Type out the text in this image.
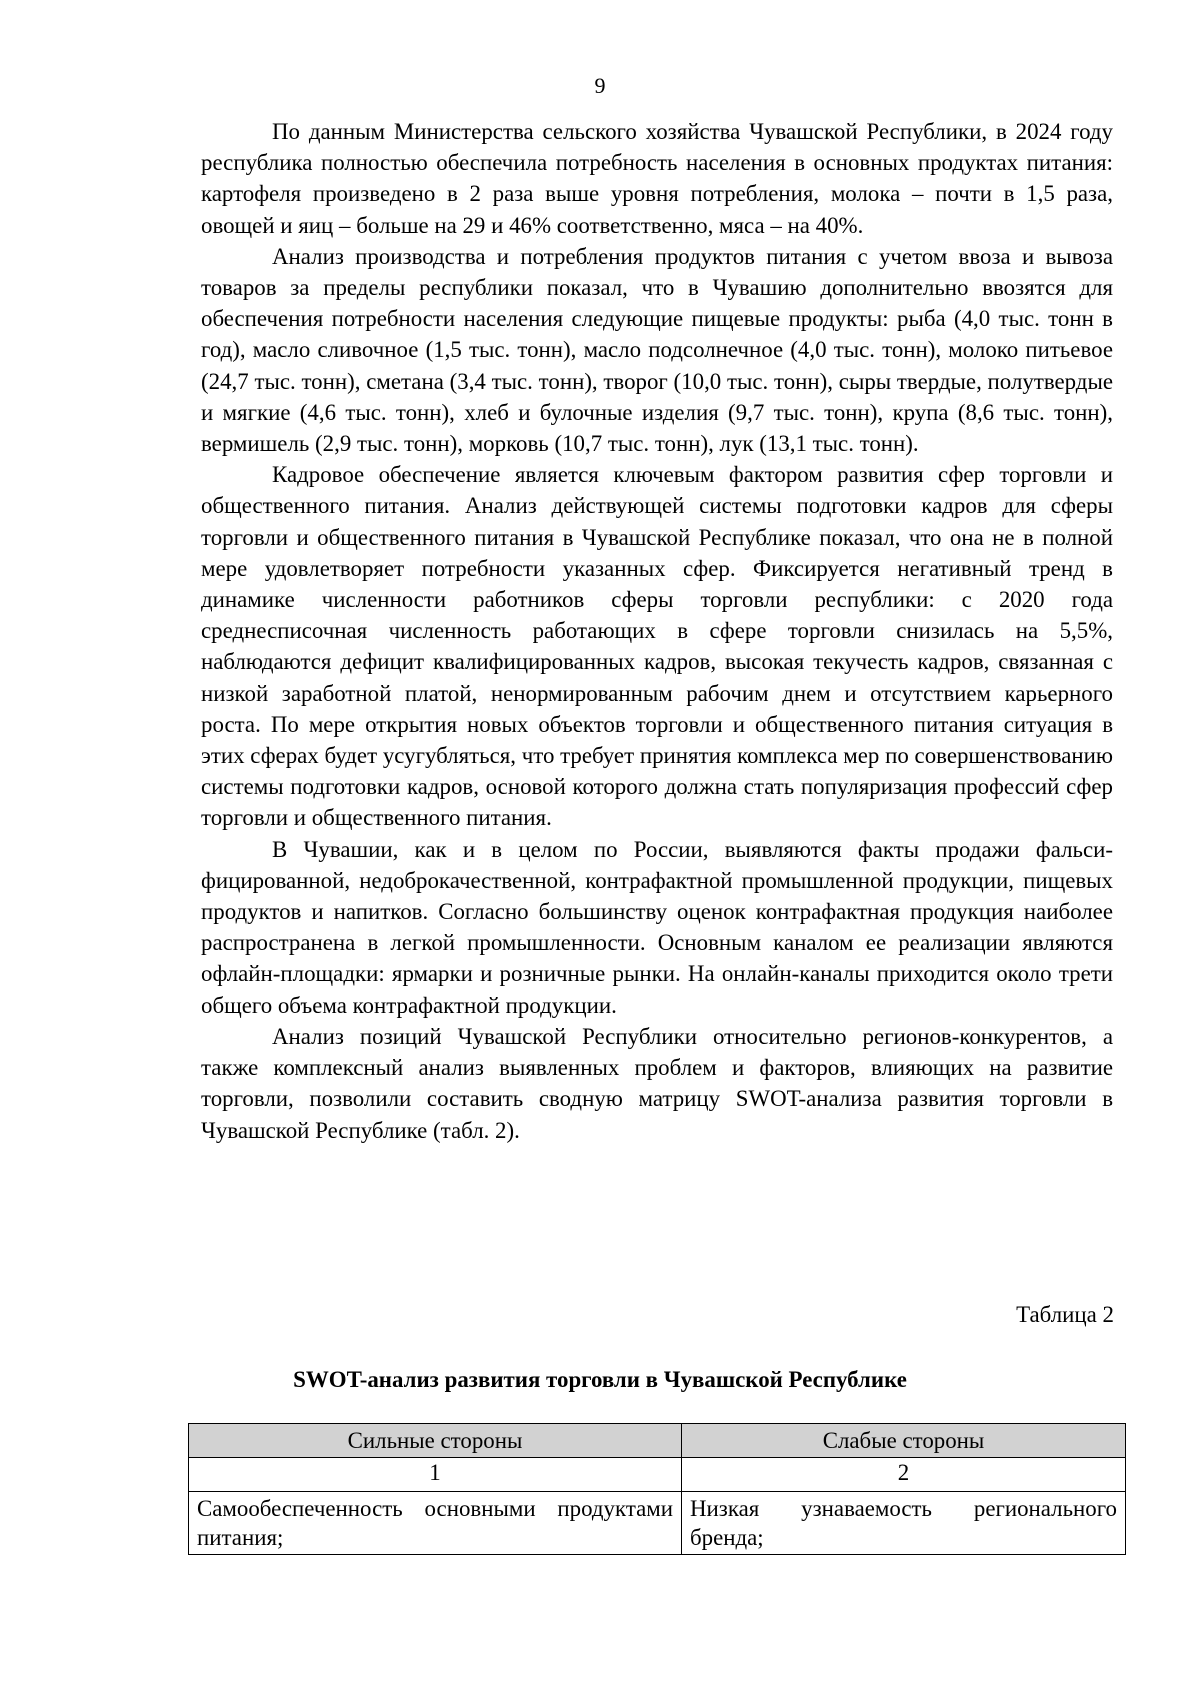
9

По данным Министерства сельского хозяйства Чувашской Республики, в 2024 году республика полностью обеспечила потребность населения в основных продуктах питания: картофеля произведено в 2 раза выше уровня потребления, молока – почти в 1,5 раза, овощей и яиц – больше на 29 и 46% соответственно, мяса – на 40%.

Анализ производства и потребления продуктов питания с учетом ввоза и вывоза товаров за пределы республики показал, что в Чувашию дополнительно ввозятся для обеспечения потребности населения следующие пищевые продукты: рыба (4,0 тыс. тонн в год), масло сливочное (1,5 тыс. тонн), масло подсолнечное (4,0 тыс. тонн), молоко питьевое (24,7 тыс. тонн), сметана (3,4 тыс. тонн), творог (10,0 тыс. тонн), сыры твердые, полутвердые и мягкие (4,6 тыс. тонн), хлеб и булочные изделия (9,7 тыс. тонн), крупа (8,6 тыс. тонн), вермишель (2,9 тыс. тонн), морковь (10,7 тыс. тонн), лук (13,1 тыс. тонн).

Кадровое обеспечение является ключевым фактором развития сфер торговли и общественного питания. Анализ действующей системы подготовки кадров для сферы торговли и общественного питания в Чувашской Республике показал, что она не в полной мере удовлетворяет потребности указанных сфер. Фиксируется негативный тренд в динамике численности работников сферы торговли республики: с 2020 года среднесписочная численность работающих в сфере торговли снизилась на 5,5%, наблюдаются дефицит квалифицированных кадров, высокая текучесть кадров, связанная с низкой заработной платой, ненормированным рабочим днем и отсутствием карьерного роста. По мере открытия новых объектов торговли и общественного питания ситуация в этих сферах будет усугубляться, что требует принятия комплекса мер по совершенствованию системы подготовки кадров, основой которого должна стать популяризация профессий сфер торговли и общественного питания.

В Чувашии, как и в целом по России, выявляются факты продажи фальсифицированной, недоброкачественной, контрафактной промышленной продукции, пищевых продуктов и напитков. Согласно большинству оценок контрафактная продукция наиболее распространена в легкой промышленности. Основным каналом ее реализации являются офлайн-площадки: ярмарки и розничные рынки. На онлайн-каналы приходится около трети общего объема контрафактной продукции.

Анализ позиций Чувашской Республики относительно регионов-конкурентов, а также комплексный анализ выявленных проблем и факторов, влияющих на развитие торговли, позволили составить сводную матрицу SWOT-анализа развития торговли в Чувашской Республике (табл. 2).

Таблица 2
SWOT-анализ развития торговли в Чувашской Республике
Сильные стороны	Слабые стороны
1	2
Самообеспеченность основными продуктами питания;	Низкая узнаваемость регионального бренда;
